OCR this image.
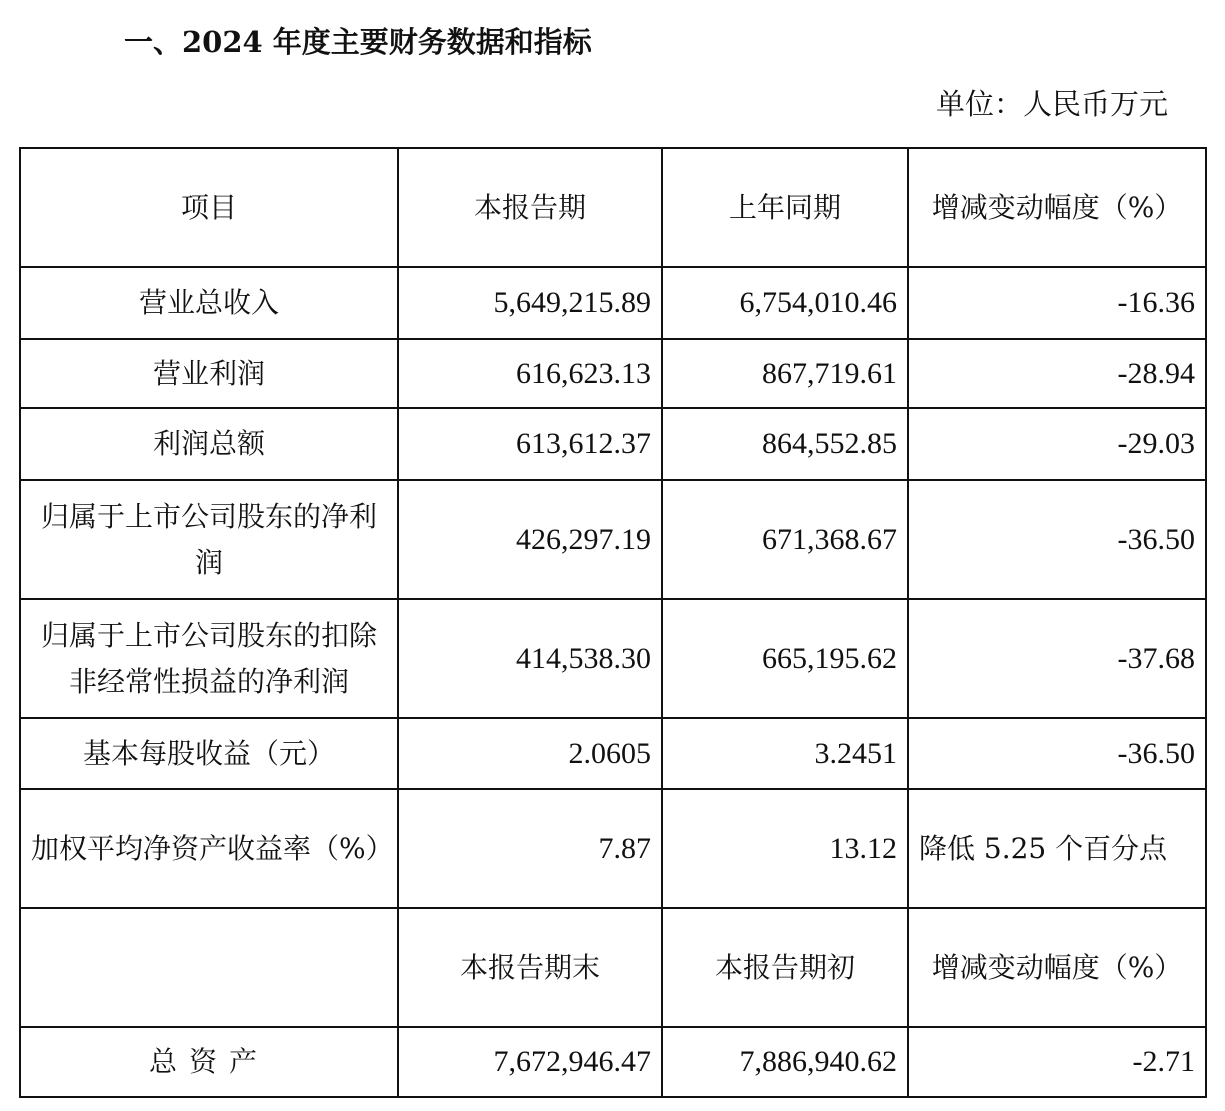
一、2024 年度主要财务数据和指标
单位：人民币万元
项目	本报告期	上年同期	增减变动幅度（%）
营业总收入	5,649,215.89	6,754,010.46	-16.36
营业利润	616,623.13	867,719.61	-28.94
利润总额	613,612.37	864,552.85	-29.03
归属于上市公司股东的净利润	426,297.19	671,368.67	-36.50
归属于上市公司股东的扣除非经常性损益的净利润	414,538.30	665,195.62	-37.68
基本每股收益（元）	2.0605	3.2451	-36.50
加权平均净资产收益率（%）	7.87	13.12	降低 5.25 个百分点
	本报告期末	本报告期初	增减变动幅度（%）
总资产	7,672,946.47	7,886,940.62	-2.71
